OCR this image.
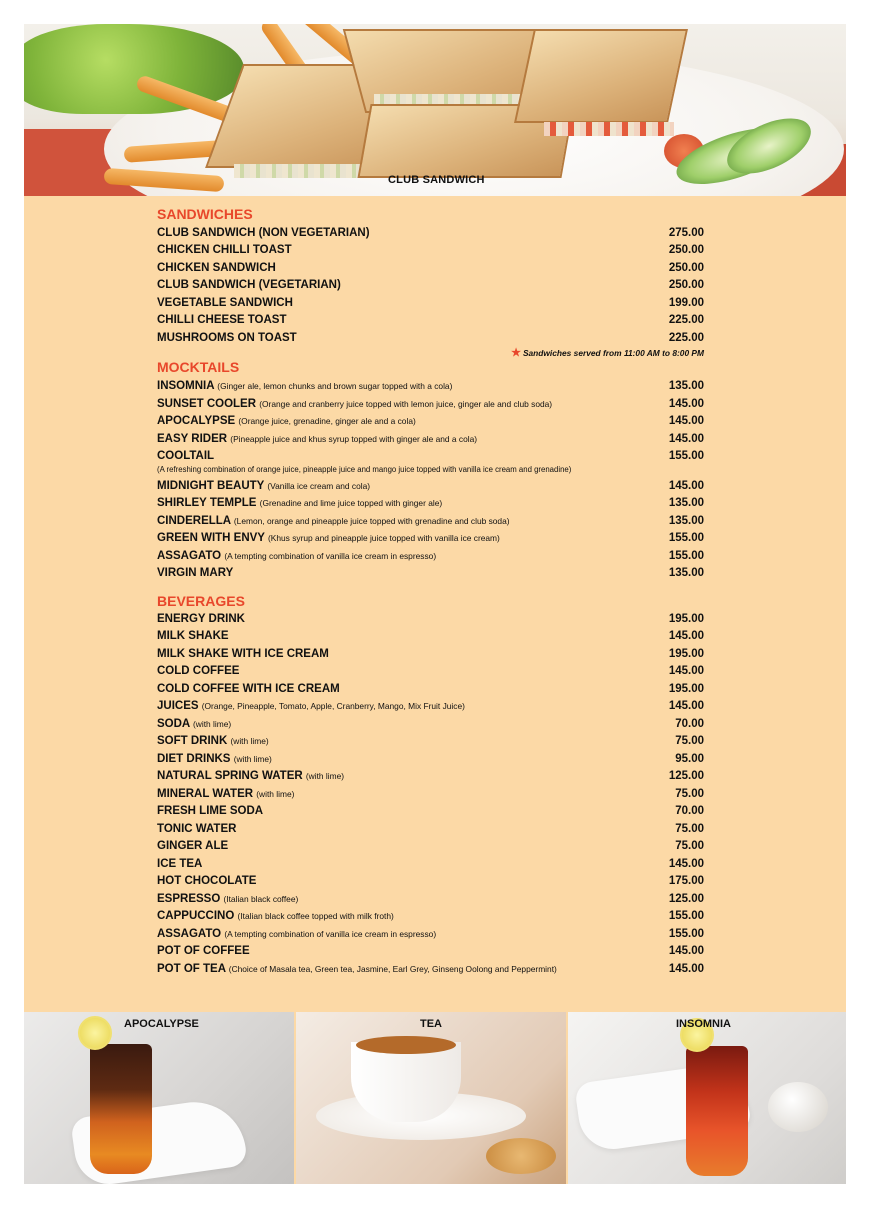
CLUB SANDWICH
SANDWICHES
CLUB SANDWICH (NON VEGETARIAN)	275.00
CHICKEN CHILLI TOAST	250.00
CHICKEN SANDWICH	250.00
CLUB SANDWICH (VEGETARIAN)	250.00
VEGETABLE SANDWICH	199.00
CHILLI CHEESE TOAST	225.00
MUSHROOMS ON TOAST	225.00
★ Sandwiches served from 11:00 AM to 8:00 PM
MOCKTAILS
INSOMNIA (Ginger ale, lemon chunks and brown sugar topped with a cola)	135.00
SUNSET COOLER (Orange and cranberry juice topped with lemon juice, ginger ale and club soda)	145.00
APOCALYPSE (Orange juice, grenadine, ginger ale and a cola)	145.00
EASY RIDER (Pineapple juice and khus syrup topped with ginger ale and a cola)	145.00
COOLTAIL	155.00
(A refreshing combination of orange juice, pineapple juice and mango juice topped with vanilla ice cream and grenadine)
MIDNIGHT BEAUTY (Vanilla ice cream and cola)	145.00
SHIRLEY TEMPLE (Grenadine and lime juice topped with ginger ale)	135.00
CINDERELLA (Lemon, orange and pineapple juice topped with grenadine and club soda)	135.00
GREEN WITH ENVY (Khus syrup and pineapple juice topped with vanilla ice cream)	155.00
ASSAGATO (A tempting combination of vanilla ice cream in espresso)	155.00
VIRGIN MARY	135.00
BEVERAGES
ENERGY DRINK	195.00
MILK SHAKE	145.00
MILK SHAKE WITH ICE CREAM	195.00
COLD COFFEE	145.00
COLD COFFEE WITH ICE CREAM	195.00
JUICES (Orange, Pineapple, Tomato, Apple, Cranberry, Mango, Mix Fruit Juice)	145.00
SODA (with lime)	70.00
SOFT DRINK (with lime)	75.00
DIET DRINKS (with lime)	95.00
NATURAL SPRING WATER (with lime)	125.00
MINERAL WATER (with lime)	75.00
FRESH LIME SODA	70.00
TONIC WATER	75.00
GINGER ALE	75.00
ICE TEA	145.00
HOT CHOCOLATE	175.00
ESPRESSO (Italian black coffee)	125.00
CAPPUCCINO (Italian black coffee topped with milk froth)	155.00
ASSAGATO (A tempting combination of vanilla ice cream in espresso)	155.00
POT OF COFFEE	145.00
POT OF TEA (Choice of Masala tea, Green tea, Jasmine, Earl Grey, Ginseng Oolong and Peppermint)	145.00
APOCALYPSE	TEA	INSOMNIA
